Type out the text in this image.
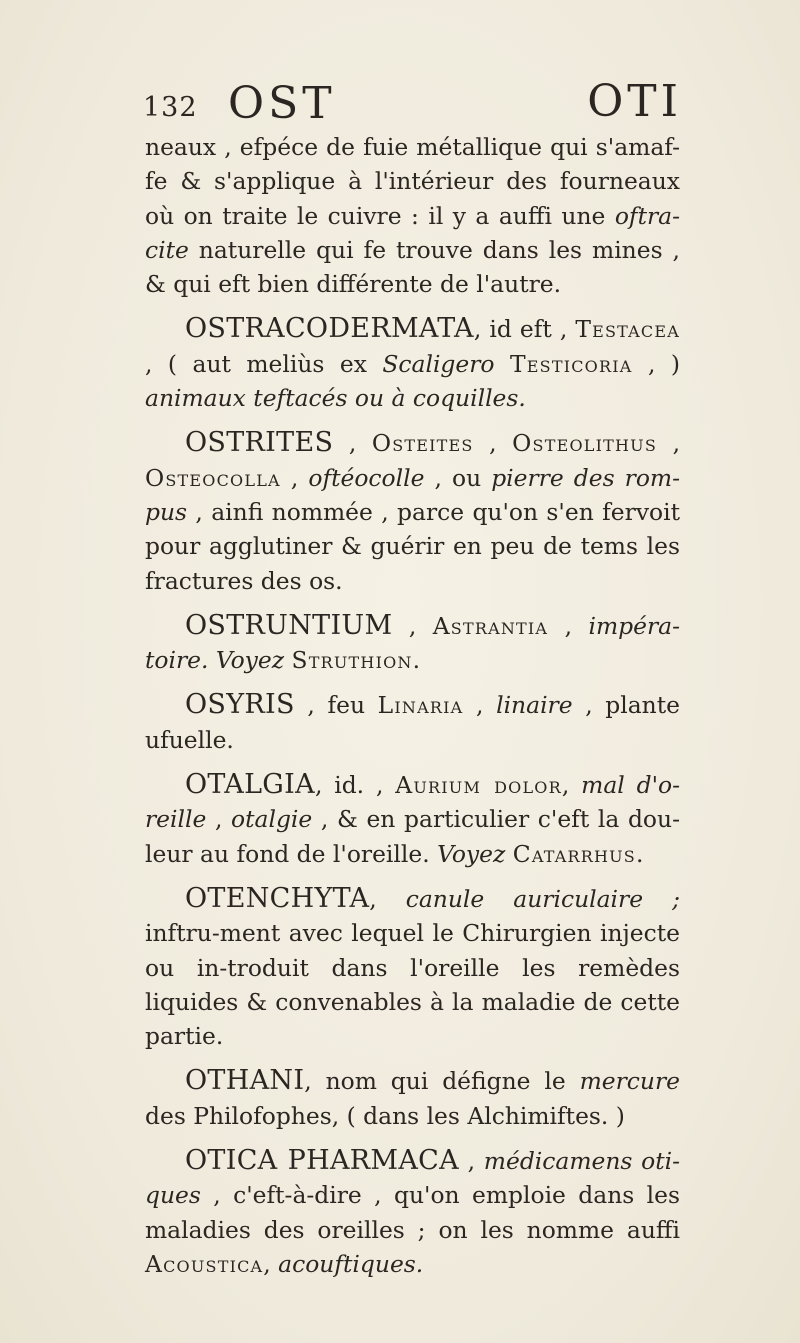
132 OST	OTI

neaux , efpéce de fuie métallique qui s'amaf-fe & s'applique à l'intérieur des fourneaux où on traite le cuivre : il y a auffi une oftra-cite naturelle qui fe trouve dans les mines , & qui eft bien différente de l'autre.

OSTRACODERMATA, id eft , Testacea , ( aut meliùs ex Scaligero Testicoria , ) animaux teftacés ou à coquilles.

OSTRITES , Osteites , Osteolithus , Osteocolla , oftéocolle , ou pierre des rom-pus , ainfi nommée , parce qu'on s'en fervoit pour agglutiner & guérir en peu de tems les fractures des os.

OSTRUNTIUM , Astrantia , impéra-toire. Voyez Struthion.

OSYRIS , feu Linaria , linaire , plante ufuelle.

OTALGIA, id. , Aurium dolor, mal d'o-reille , otalgie , & en particulier c'eft la dou-leur au fond de l'oreille. Voyez Catarrhus.

OTENCHYTA, canule auriculaire ; inftru-ment avec lequel le Chirurgien injecte ou in-troduit dans l'oreille les remèdes liquides & convenables à la maladie de cette partie.

OTHANI, nom qui défigne le mercure des Philofophes, ( dans les Alchimiftes. )

OTICA PHARMACA , médicamens oti-ques , c'eft-à-dire , qu'on emploie dans les maladies des oreilles ; on les nomme auffi Acoustica, acouftiques.
